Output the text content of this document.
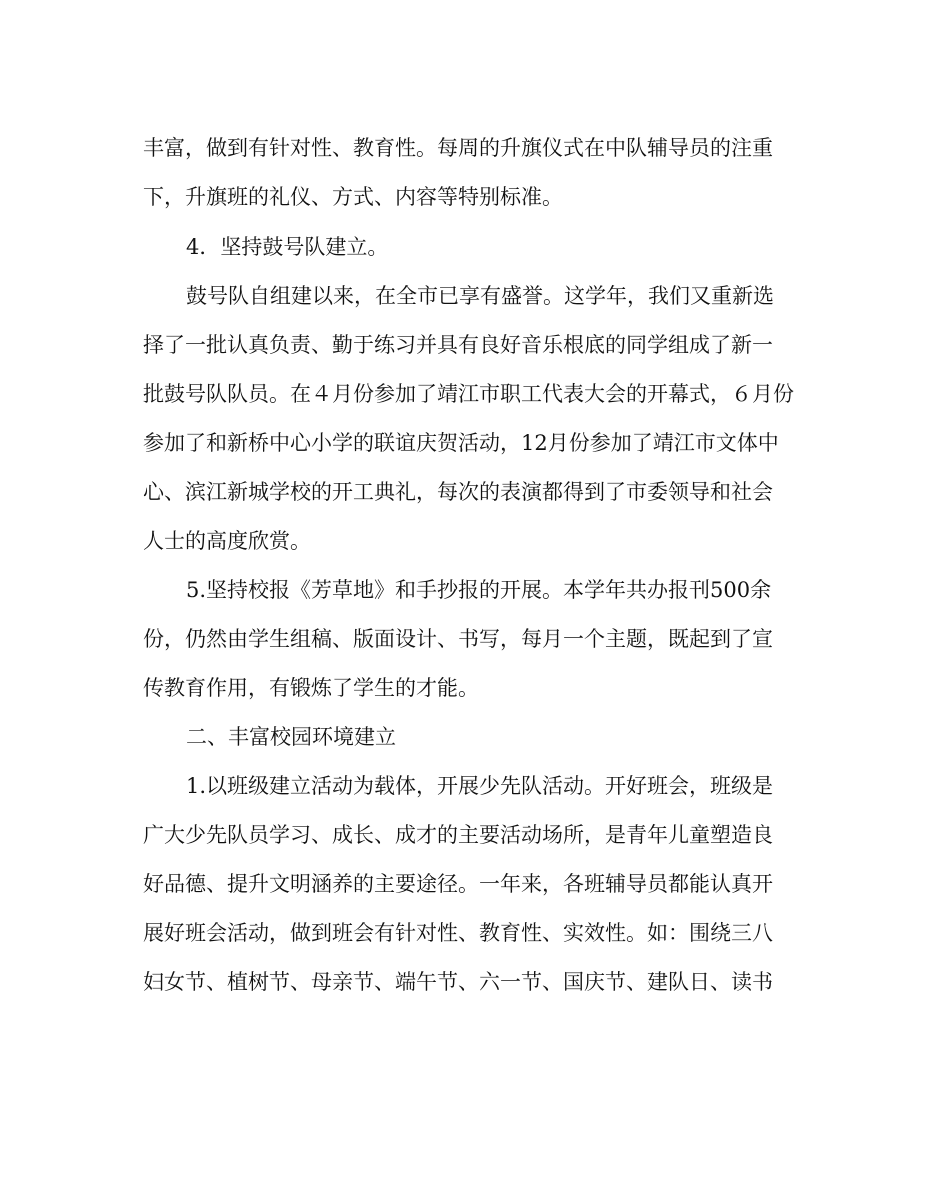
丰富，做到有针对性、教育性。每周的升旗仪式在中队辅导员的注重
下，升旗班的礼仪、方式、内容等特别标准。
4．坚持鼓号队建立。
鼓号队自组建以来，在全市已享有盛誉。这学年，我们又重新选
择了一批认真负责、勤于练习并具有良好音乐根底的同学组成了新一
批鼓号队队员。在４月份参加了靖江市职工代表大会的开幕式，６月份
参加了和新桥中心小学的联谊庆贺活动，12月份参加了靖江市文体中
心、滨江新城学校的开工典礼，每次的表演都得到了市委领导和社会
人士的高度欣赏。
5.坚持校报《芳草地》和手抄报的开展。本学年共办报刊500余
份，仍然由学生组稿、版面设计、书写，每月一个主题，既起到了宣
传教育作用，有锻炼了学生的才能。
二、丰富校园环境建立
1.以班级建立活动为载体，开展少先队活动。开好班会，班级是
广大少先队员学习、成长、成才的主要活动场所，是青年儿童塑造良
好品德、提升文明涵养的主要途径。一年来，各班辅导员都能认真开
展好班会活动，做到班会有针对性、教育性、实效性。如：围绕三八
妇女节、植树节、母亲节、端午节、六一节、国庆节、建队日、读书
